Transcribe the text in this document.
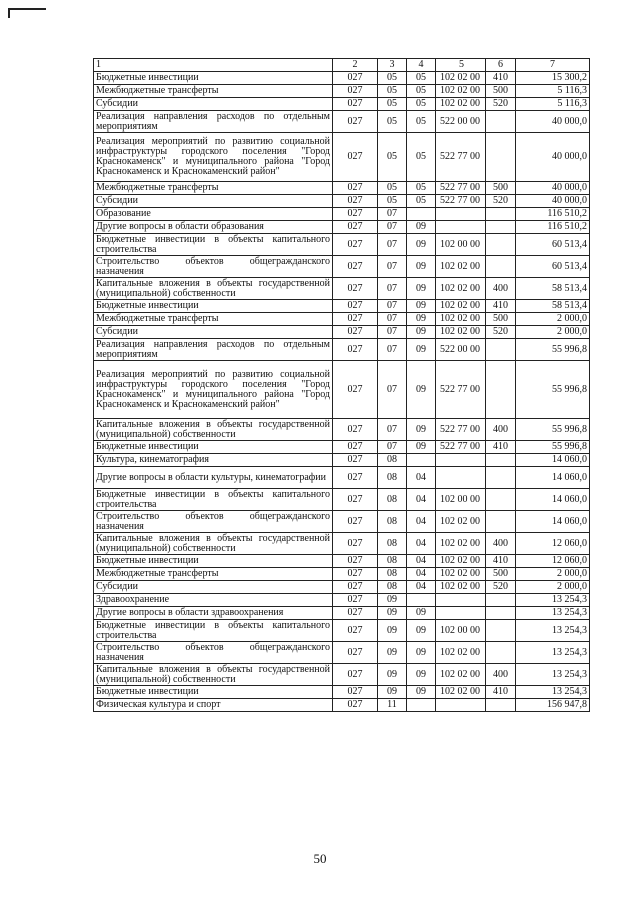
1	2	3	4	5	6	7
Бюджетные инвестиции	027	05	05	102 02 00	410	15 300,2
Межбюджетные трансферты	027	05	05	102 02 00	500	5 116,3
Субсидии	027	05	05	102 02 00	520	5 116,3
Реализация направления расходов по отдельным мероприятиям	027	05	05	522 00 00		40 000,0
Реализация мероприятий по развитию социальной инфраструктуры городского поселения "Город Краснокаменск" и муниципального района "Город Краснокаменск и Краснокаменский район"	027	05	05	522 77 00		40 000,0
Межбюджетные трансферты	027	05	05	522 77 00	500	40 000,0
Субсидии	027	05	05	522 77 00	520	40 000,0
Образование	027	07				116 510,2
Другие вопросы в области образования	027	07	09			116 510,2
Бюджетные инвестиции в объекты капитального строительства	027	07	09	102 00 00		60 513,4
Строительство объектов общегражданского назначения	027	07	09	102 02 00		60 513,4
Капитальные вложения в объекты государственной (муниципальной) собственности	027	07	09	102 02 00	400	58 513,4
Бюджетные инвестиции	027	07	09	102 02 00	410	58 513,4
Межбюджетные трансферты	027	07	09	102 02 00	500	2 000,0
Субсидии	027	07	09	102 02 00	520	2 000,0
Реализация направления расходов по отдельным мероприятиям	027	07	09	522 00 00		55 996,8
Реализация мероприятий по развитию социальной инфраструктуры городского поселения "Город Краснокаменск" и муниципального района "Город Краснокаменск и Краснокаменский район"	027	07	09	522 77 00		55 996,8
Капитальные вложения в объекты государственной (муниципальной) собственности	027	07	09	522 77 00	400	55 996,8
Бюджетные инвестиции	027	07	09	522 77 00	410	55 996,8
Культура, кинематография	027	08				14 060,0
Другие вопросы в области культуры, кинематографии	027	08	04			14 060,0
Бюджетные инвестиции в объекты капитального строительства	027	08	04	102 00 00		14 060,0
Строительство объектов общегражданского назначения	027	08	04	102 02 00		14 060,0
Капитальные вложения в объекты государственной (муниципальной) собственности	027	08	04	102 02 00	400	12 060,0
Бюджетные инвестиции	027	08	04	102 02 00	410	12 060,0
Межбюджетные трансферты	027	08	04	102 02 00	500	2 000,0
Субсидии	027	08	04	102 02 00	520	2 000,0
Здравоохранение	027	09				13 254,3
Другие вопросы в области здравоохранения	027	09	09			13 254,3
Бюджетные инвестиции в объекты капитального строительства	027	09	09	102 00 00		13 254,3
Строительство объектов общегражданского назначения	027	09	09	102 02 00		13 254,3
Капитальные вложения в объекты государственной (муниципальной) собственности	027	09	09	102 02 00	400	13 254,3
Бюджетные инвестиции	027	09	09	102 02 00	410	13 254,3
Физическая культура и спорт	027	11				156 947,8
50
